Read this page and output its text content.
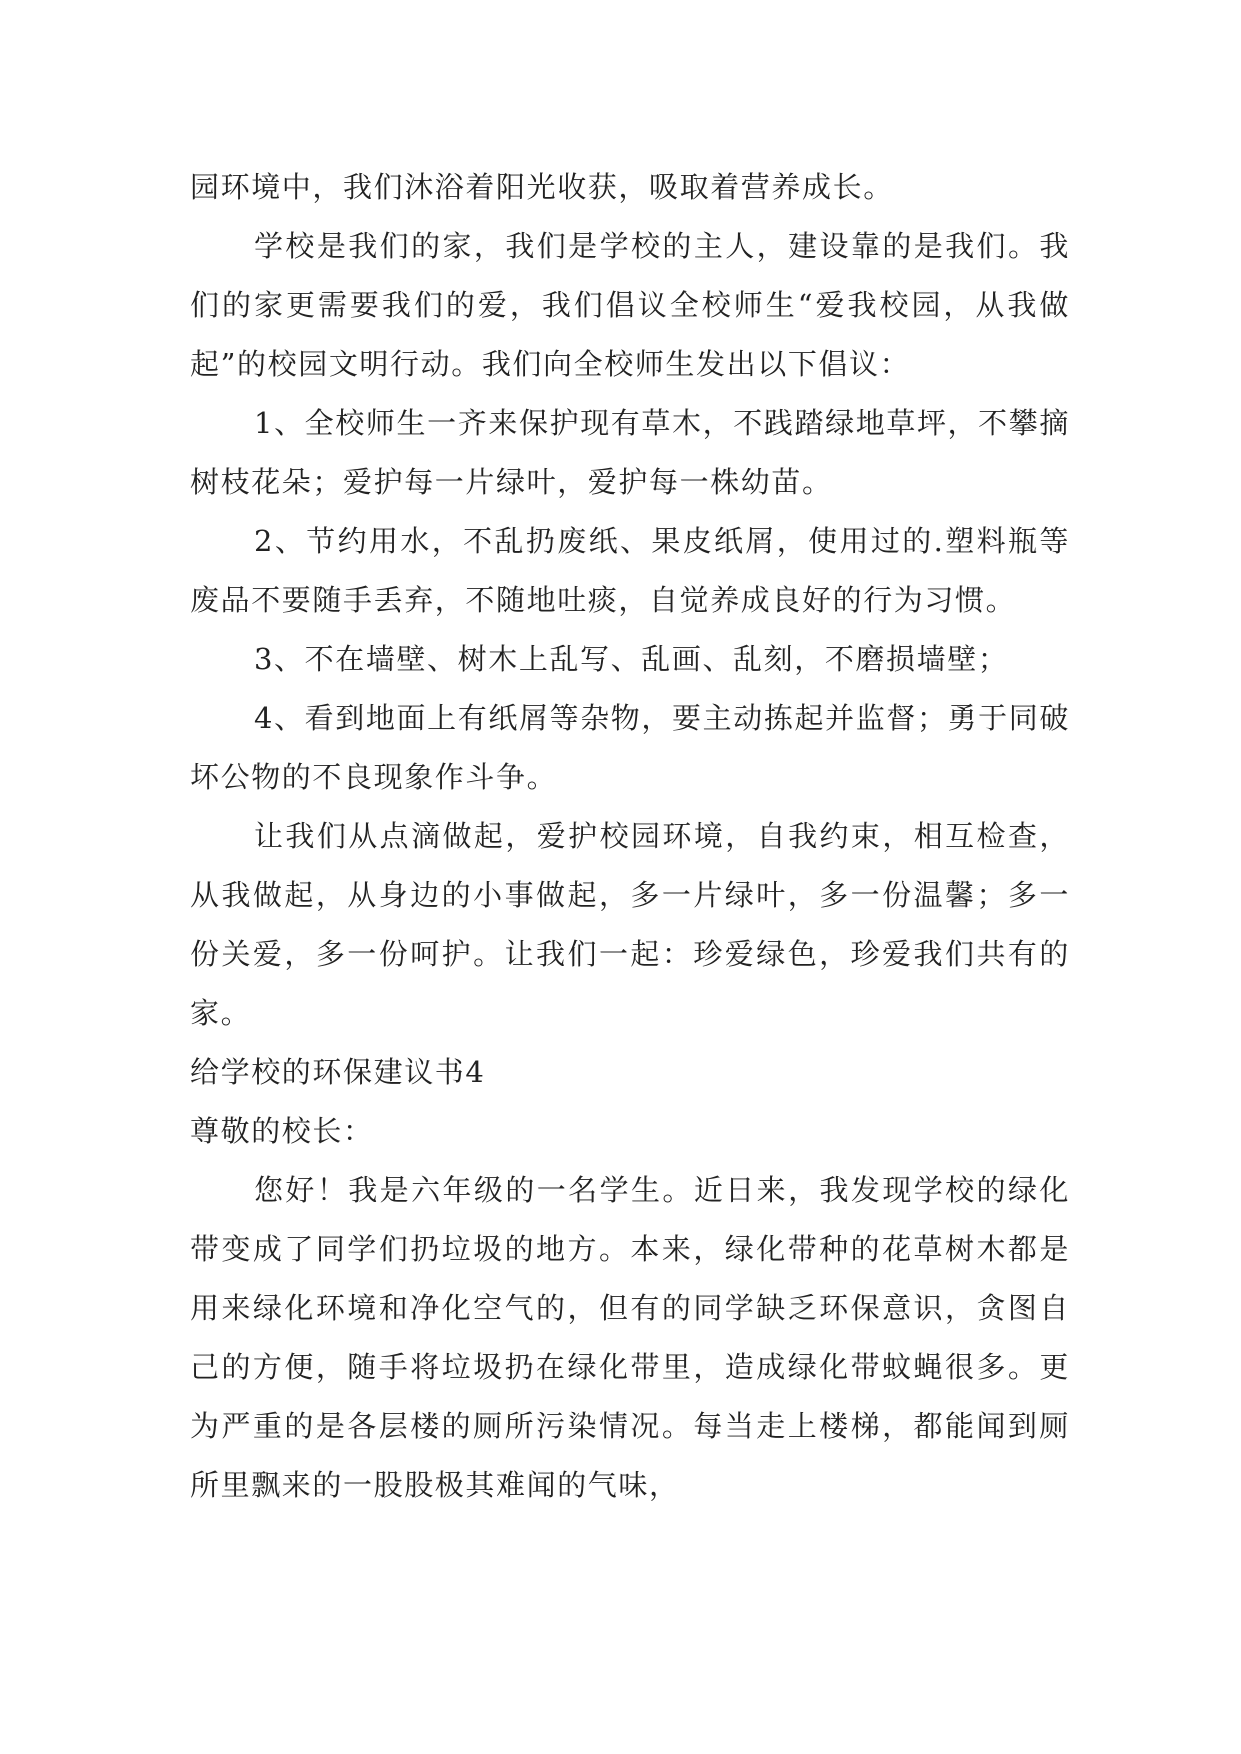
园环境中，我们沐浴着阳光收获，吸取着营养成长。

学校是我们的家，我们是学校的主人，建设靠的是我们。我们的家更需要我们的爱，我们倡议全校师生“爱我校园，从我做起”的校园文明行动。我们向全校师生发出以下倡议：

1、全校师生一齐来保护现有草木，不践踏绿地草坪，不攀摘树枝花朵；爱护每一片绿叶，爱护每一株幼苗。

2、节约用水，不乱扔废纸、果皮纸屑，使用过的.塑料瓶等废品不要随手丢弃，不随地吐痰，自觉养成良好的行为习惯。

3、不在墙壁、树木上乱写、乱画、乱刻，不磨损墙壁；

4、看到地面上有纸屑等杂物，要主动拣起并监督；勇于同破坏公物的不良现象作斗争。

让我们从点滴做起，爱护校园环境，自我约束，相互检查，从我做起，从身边的小事做起，多一片绿叶，多一份温馨；多一份关爱，多一份呵护。让我们一起：珍爱绿色，珍爱我们共有的家。

给学校的环保建议书4

尊敬的校长：

您好！我是六年级的一名学生。近日来，我发现学校的绿化带变成了同学们扔垃圾的地方。本来，绿化带种的花草树木都是用来绿化环境和净化空气的，但有的同学缺乏环保意识，贪图自己的方便，随手将垃圾扔在绿化带里，造成绿化带蚊蝇很多。更为严重的是各层楼的厕所污染情况。每当走上楼梯，都能闻到厕所里飘来的一股股极其难闻的气味，
